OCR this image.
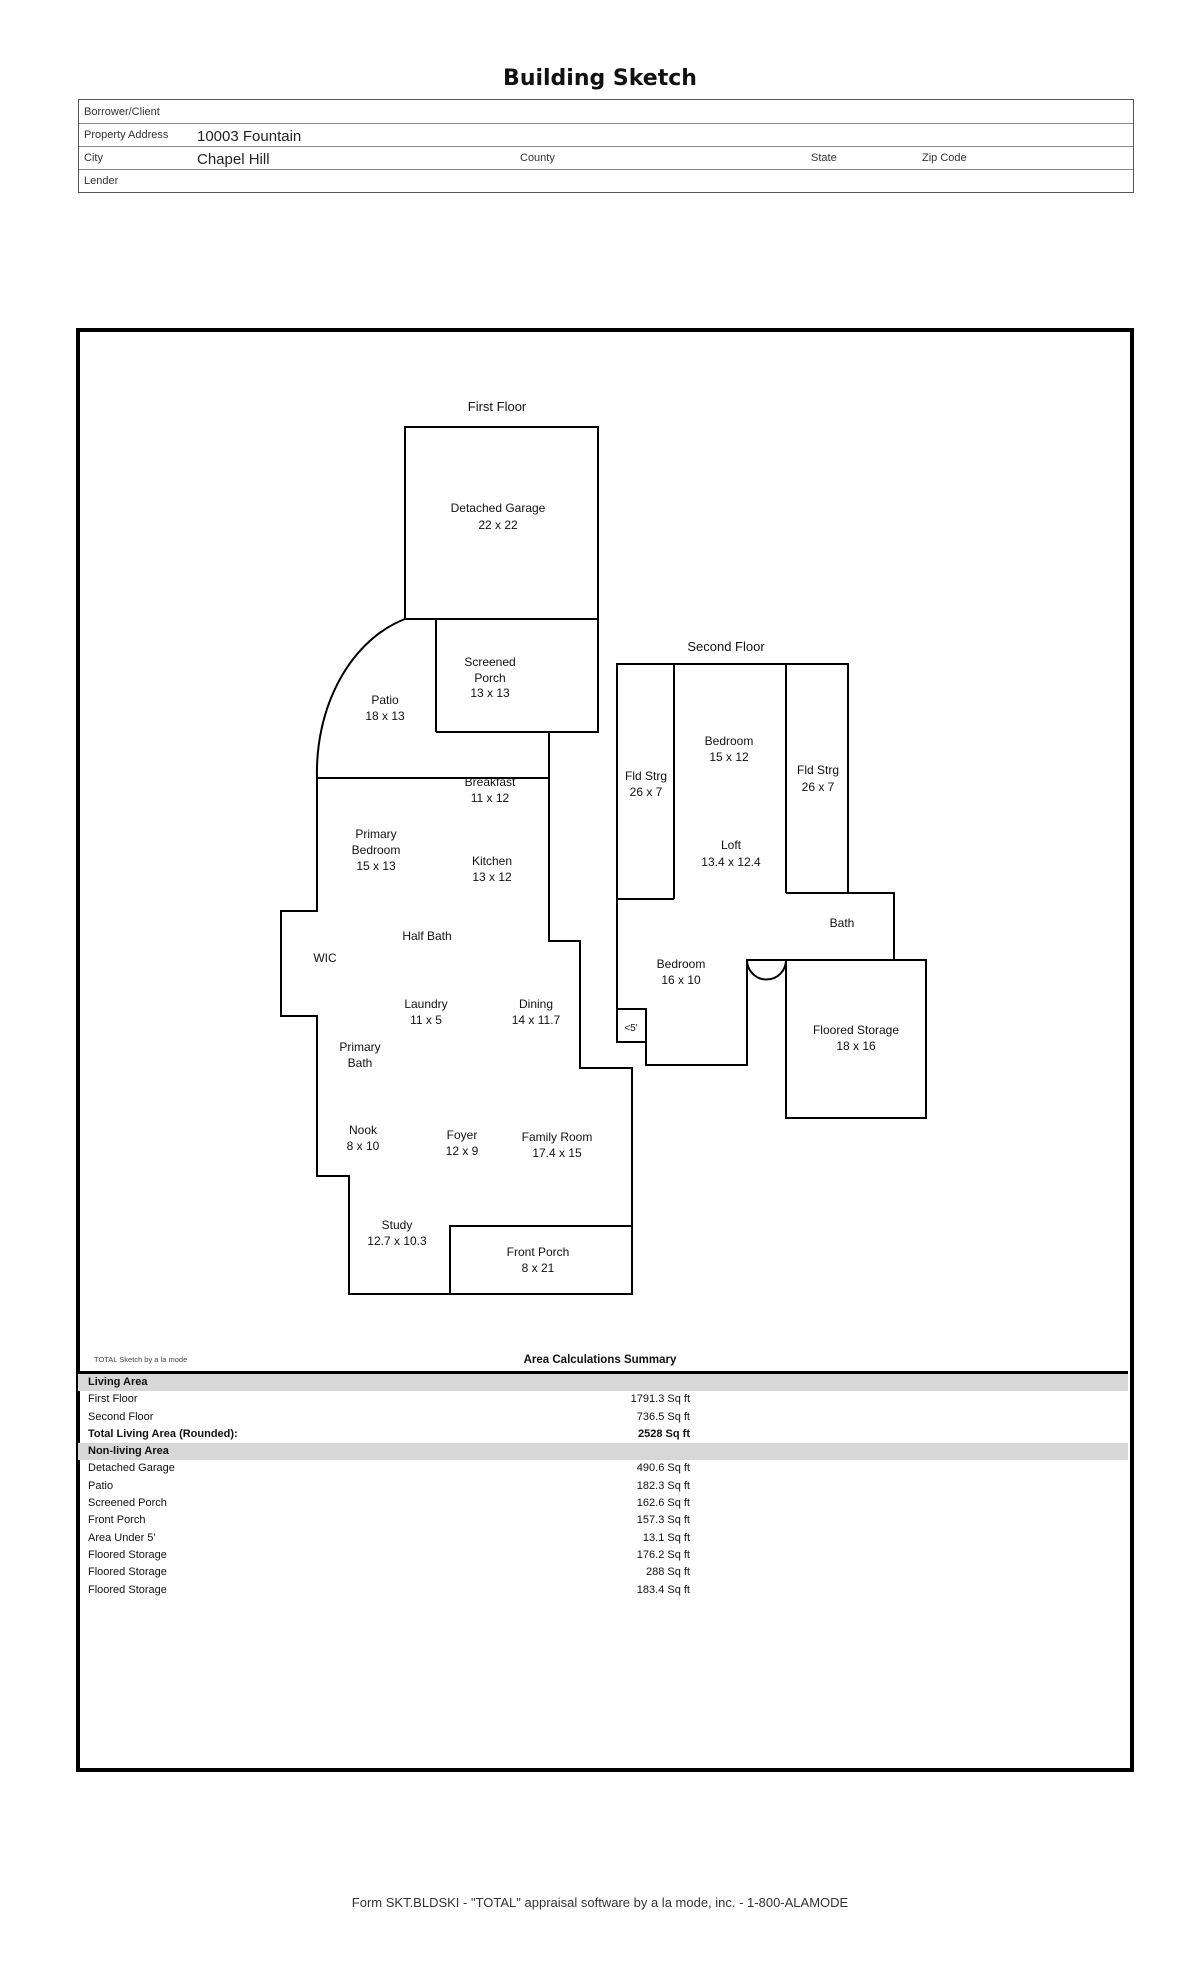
Building Sketch
Borrower/Client
Property Address 10003 Fountain
City	Chapel Hill	County	State	Zip Code
Lender
First Floor
Second Floor
Detached Garage
22 x 22
Patio
18 x 13
Screened
Porch
13 x 13
Breakfast
11 x 12
Primary
Bedroom
15 x 13	Kitchen
13 x 12
Half Bath
WIC
Laundry
11 x 5
Dining
14 x 11.7
Primary
Bath
Nook
8 x 10
Foyer
12 x 9
Family Room
17.4 x 15
Study
12.7 x 10.3
Front Porch
8 x 21
Fld Strg
26 x 7
Bedroom
15 x 12
Loft
13.4 x 12.4
Fld Strg
26 x 7
Bath
Bedroom
16 x 10
<5'	Floored Storage
18 x 16
TOTAL Sketch by a la mode	Area Calculations Summary
Living Area
First Floor	1791.3 Sq ft
Second Floor	736.5 Sq ft
Total Living Area (Rounded):	2528 Sq ft
Non-living Area
Detached Garage	490.6 Sq ft
Patio	182.3 Sq ft
Screened Porch	162.6 Sq ft
Front Porch	157.3 Sq ft
Area Under 5'	13.1 Sq ft
Floored Storage	176.2 Sq ft
Floored Storage	288 Sq ft
Floored Storage	183.4 Sq ft
Form SKT.BLDSKI - "TOTAL" appraisal software by a la mode, inc. - 1-800-ALAMODE
